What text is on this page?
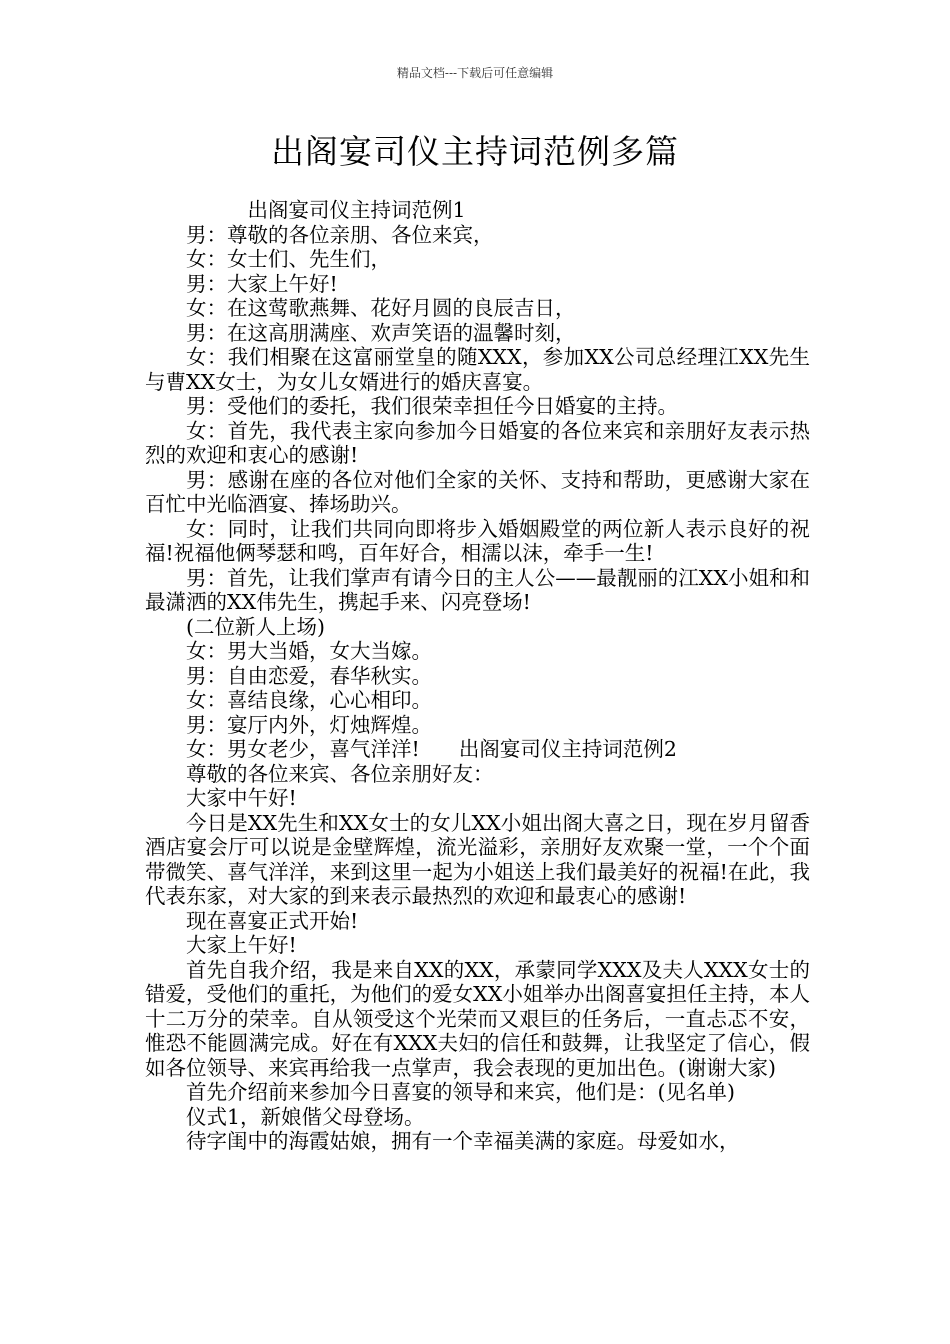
精品文档---下载后可任意编辑
出阁宴司仪主持词范例多篇

出阁宴司仪主持词范例1

男：尊敬的各位亲朋、各位来宾，

女：女士们、先生们，

男：大家上午好!

女：在这莺歌燕舞、花好月圆的良辰吉日，

男：在这高朋满座、欢声笑语的温馨时刻，

女：我们相聚在这富丽堂皇的随XXX，参加XX公司总经理江XX先生与曹XX女士，为女儿女婿进行的婚庆喜宴。

男：受他们的委托，我们很荣幸担任今日婚宴的主持。

女：首先，我代表主家向参加今日婚宴的各位来宾和亲朋好友表示热烈的欢迎和衷心的感谢!

男：感谢在座的各位对他们全家的关怀、支持和帮助，更感谢大家在百忙中光临酒宴、捧场助兴。

女：同时，让我们共同向即将步入婚姻殿堂的两位新人表示良好的祝福!祝福他俩琴瑟和鸣，百年好合，相濡以沫，牵手一生!

男：首先，让我们掌声有请今日的主人公——最靓丽的江XX小姐和和最潇洒的XX伟先生，携起手来、闪亮登场!

(二位新人上场)

女：男大当婚，女大当嫁。

男：自由恋爱，春华秋实。

女：喜结良缘，心心相印。

男：宴厅内外，灯烛辉煌。

女：男女老少，喜气洋洋!      出阁宴司仪主持词范例2

尊敬的各位来宾、各位亲朋好友：

大家中午好!

今日是XX先生和XX女士的女儿XX小姐出阁大喜之日，现在岁月留香酒店宴会厅可以说是金壁辉煌，流光溢彩，亲朋好友欢聚一堂，一个个面带微笑、喜气洋洋，来到这里一起为小姐送上我们最美好的祝福!在此，我代表东家，对大家的到来表示最热烈的欢迎和最衷心的感谢!

现在喜宴正式开始!

大家上午好!

首先自我介绍，我是来自XX的XX，承蒙同学XXX及夫人XXX女士的错爱，受他们的重托，为他们的爱女XX小姐举办出阁喜宴担任主持，本人十二万分的荣幸。自从领受这个光荣而又艰巨的任务后，一直忐忑不安，惟恐不能圆满完成。好在有XXX夫妇的信任和鼓舞，让我坚定了信心，假如各位领导、来宾再给我一点掌声，我会表现的更加出色。(谢谢大家)

首先介绍前来参加今日喜宴的领导和来宾，他们是：(见名单)

仪式1，新娘偕父母登场。

待字闺中的海霞姑娘，拥有一个幸福美满的家庭。母爱如水，
